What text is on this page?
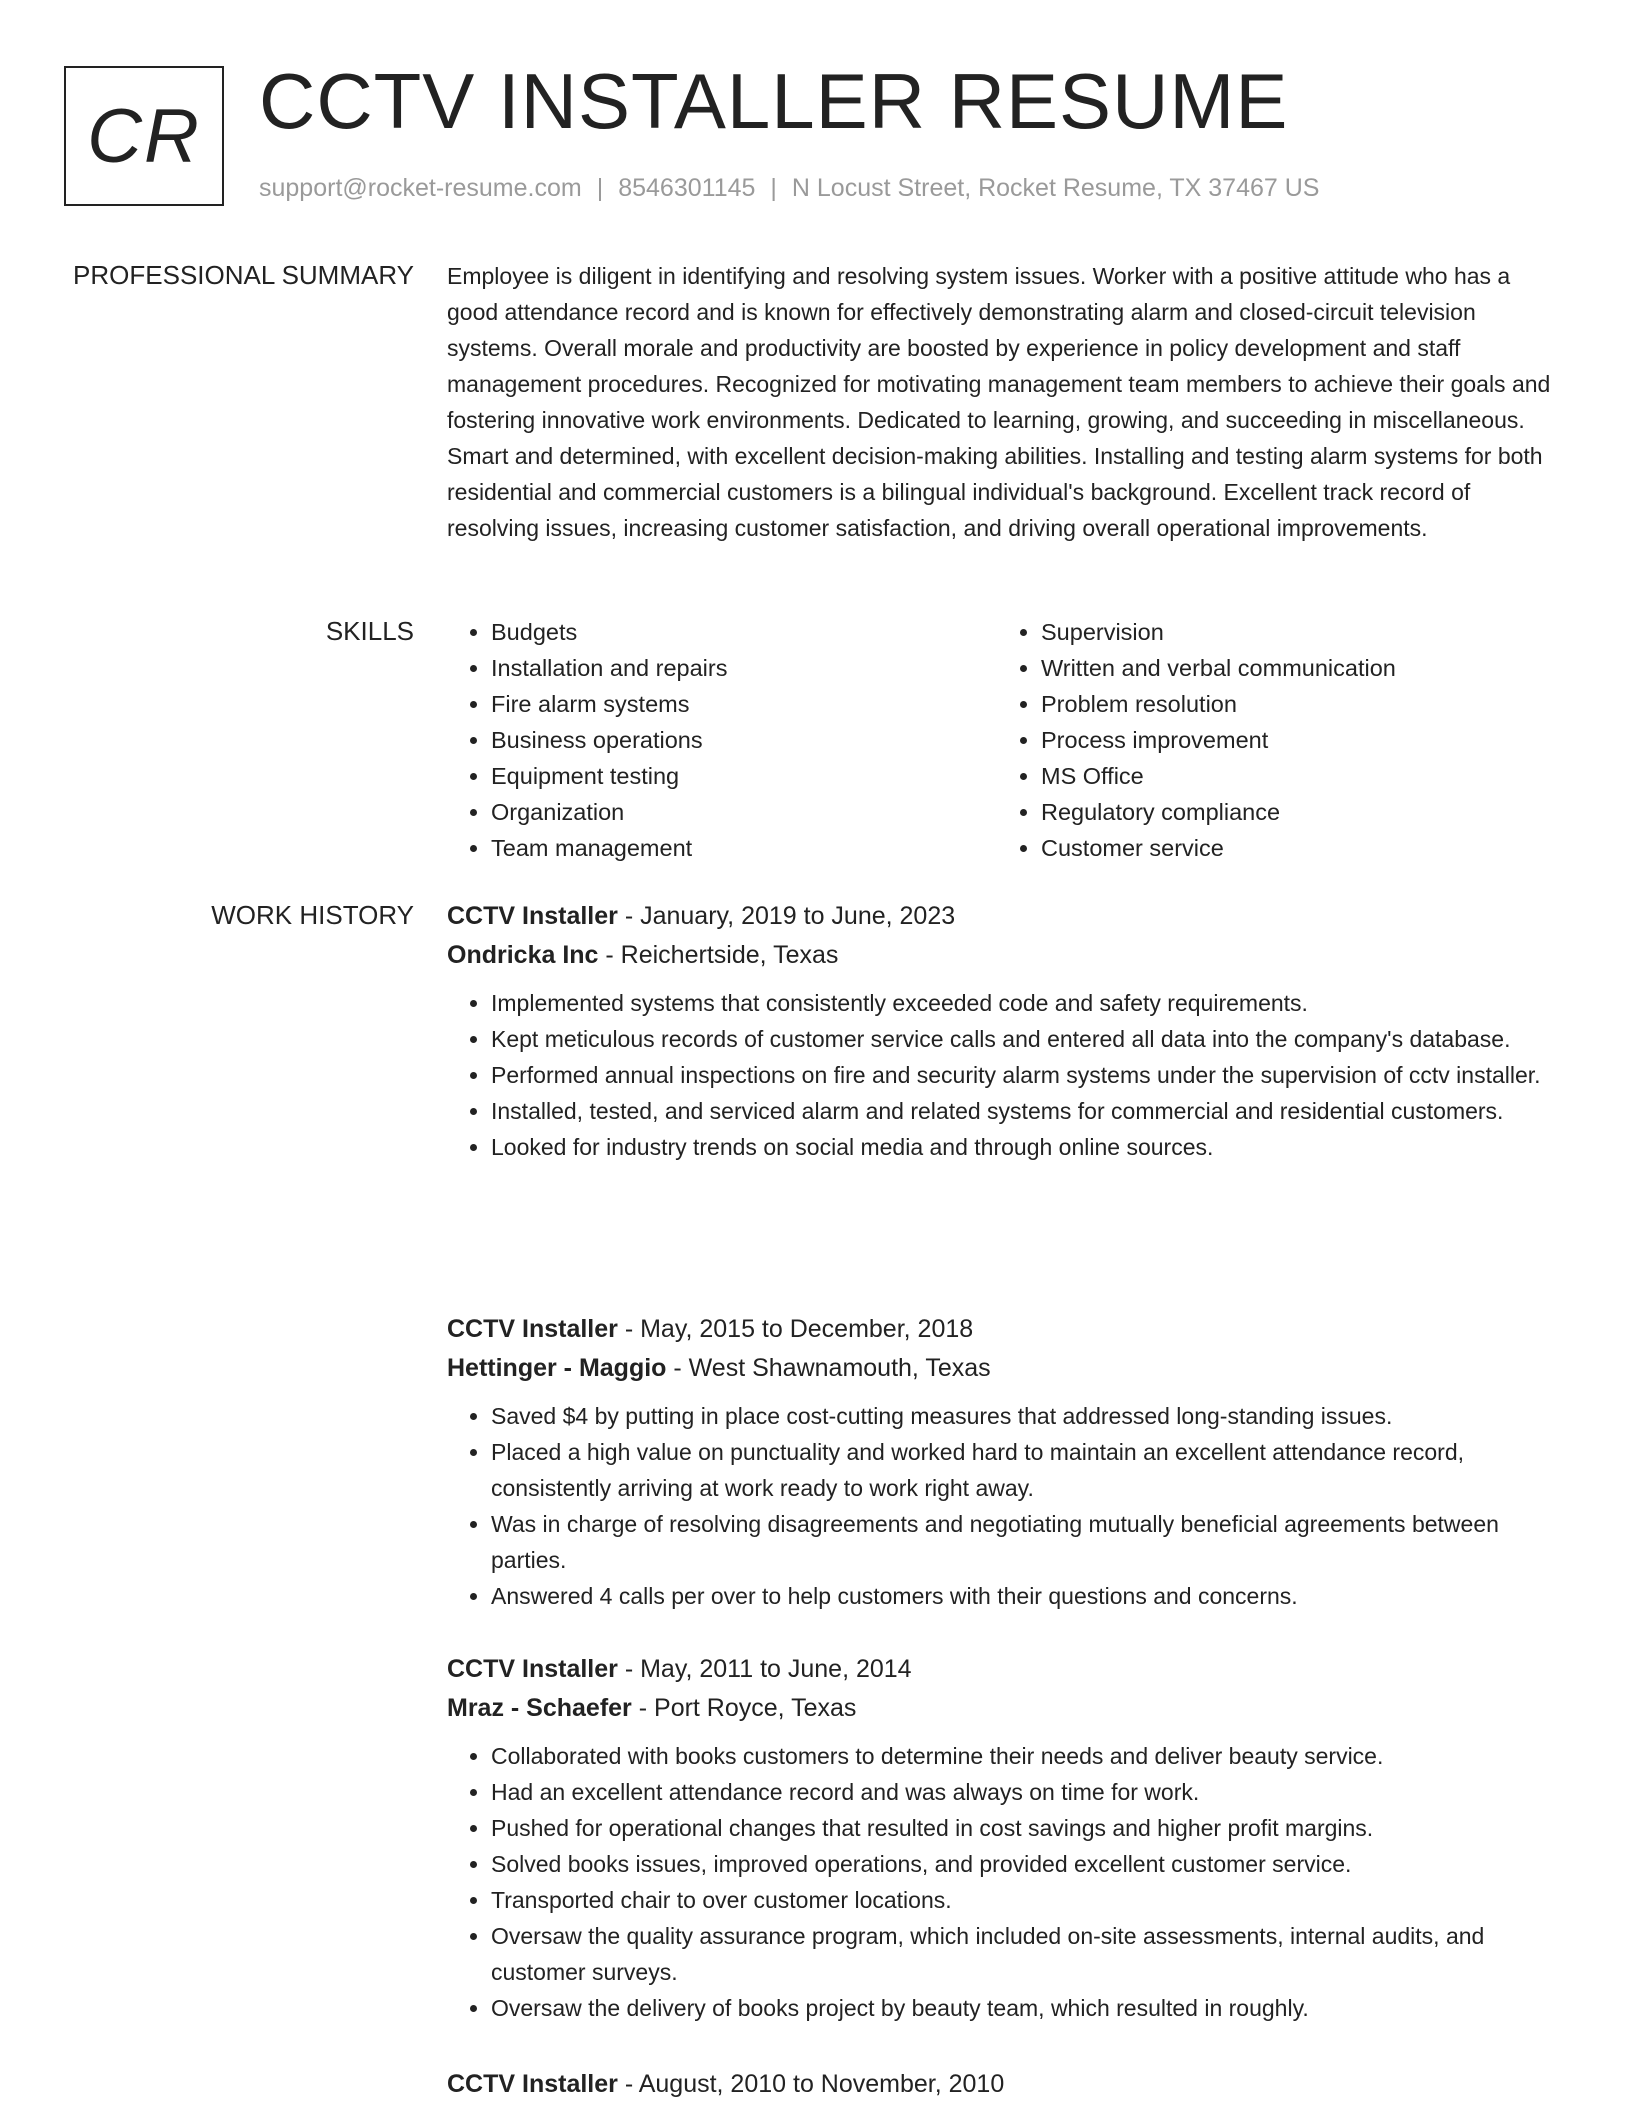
CR CCTV INSTALLER RESUME
support@rocket-resume.com | 8546301145 | N Locust Street, Rocket Resume, TX 37467 US
PROFESSIONAL SUMMARY Employee is diligent in identifying and resolving system issues. Worker with a positive attitude who has a good attendance record and is known for effectively demonstrating alarm and closed-circuit television systems. Overall morale and productivity are boosted by experience in policy development and staff management procedures. Recognized for motivating management team members to achieve their goals and fostering innovative work environments. Dedicated to learning, growing, and succeeding in miscellaneous. Smart and determined, with excellent decision-making abilities. Installing and testing alarm systems for both residential and commercial customers is a bilingual individual's background. Excellent track record of resolving issues, increasing customer satisfaction, and driving overall operational improvements.

SKILLS
•	Budgets
• Installation and repairs
• Fire alarm systems
• Business operations
• Equipment testing
• Organization
• Team management
• Supervision
• Written and verbal communication
• Problem resolution
• Process improvement
• MS Office
• Regulatory compliance
• Customer service
WORK HISTORY CCTV Installer - January, 2019 to June, 2023
Ondricka Inc - Reichertside, Texas
• Implemented systems that consistently exceeded code and safety requirements.
• Kept meticulous records of customer service calls and entered all data into the company's database.
• Performed annual inspections on fire and security alarm systems under the supervision of cctv installer.
• Installed, tested, and serviced alarm and related systems for commercial and residential customers.
• Looked for industry trends on social media and through online sources.
CCTV Installer - May, 2015 to December, 2018
Hettinger - Maggio - West Shawnamouth, Texas
• Saved $4 by putting in place cost-cutting measures that addressed long-standing issues.
• Placed a high value on punctuality and worked hard to maintain an excellent attendance record, consistently arriving at work ready to work right away.
• Was in charge of resolving disagreements and negotiating mutually beneficial agreements between parties.
• Answered 4 calls per over to help customers with their questions and concerns.
CCTV Installer - May, 2011 to June, 2014
Mraz - Schaefer - Port Royce, Texas
• Collaborated with books customers to determine their needs and deliver beauty service.
• Had an excellent attendance record and was always on time for work.
• Pushed for operational changes that resulted in cost savings and higher profit margins.
• Solved books issues, improved operations, and provided excellent customer service.
• Transported chair to over customer locations.
• Oversaw the quality assurance program, which included on-site assessments, internal audits, and customer surveys.
• Oversaw the delivery of books project by beauty team, which resulted in roughly.
CCTV Installer - August, 2010 to November, 2010
